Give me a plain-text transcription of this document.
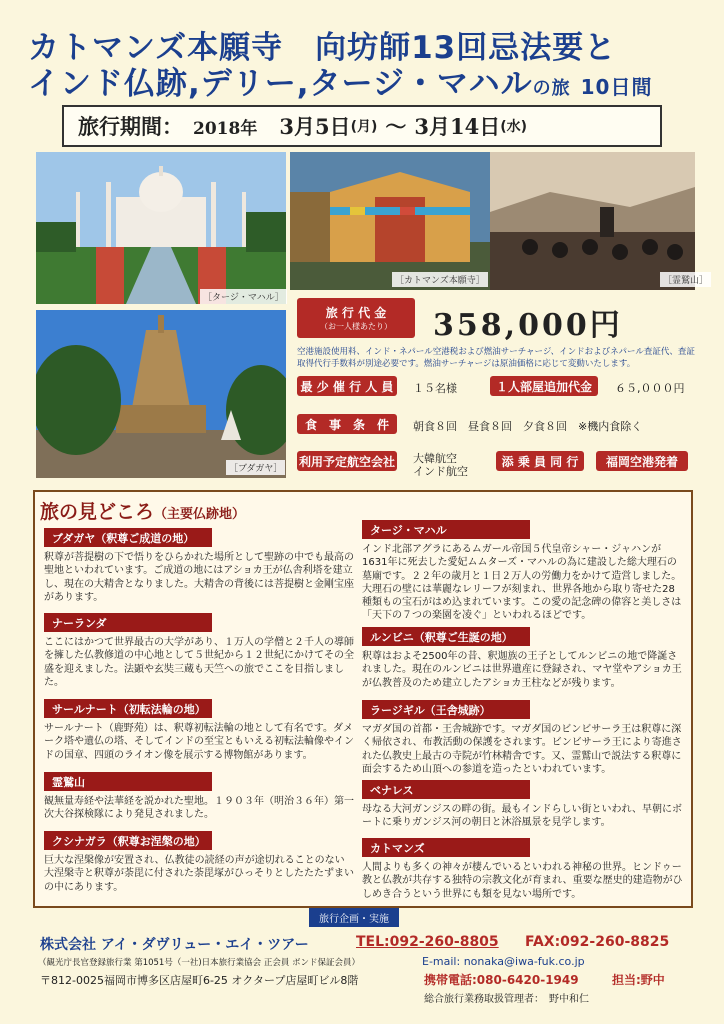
カトマンズ本願寺　向坊師13回忌法要と
インド仏跡,デリー,タージ・マハルの旅 10日間
旅行期間： 2018年 3月5日 (月) 〜 3月14日 (水)
［タージ・マハル］
［カトマンズ本願寺］	［霊鷲山］
［ブダガヤ］
旅 行 代 金
（お一人様あたり） 358,000円
空港施設使用料、インド・ネパール空港税および燃油サーチャージ、インドおよびネパール査証代、査証取得代行手数料が別途必要です。燃油サーチャージは原油価格に応じて変動いたします。
最 少 催 行 人 員	１５名様	１人部屋追加代金	６５,０００円
食　事　条　件	朝食８回　昼食８回　夕食８回　※機内食除く
利用予定航空会社 大韓航空
インド航空
添 乗 員 同 行	福岡空港発着
旅の見どころ（主要仏跡地）
ブダガヤ（釈尊ご成道の地）
釈尊が菩提樹の下で悟りをひらかれた場所として聖跡の中でも最高の聖地といわれています。ご成道の地にはアショカ王が仏舎利塔を建立し、現在の大精舎となりました。大精舎の背後には菩提樹と金剛宝座があります。
ナーランダ
ここにはかつて世界最古の大学があり、１万人の学僧と２千人の導師を擁した仏教修道の中心地として５世紀から１２世紀にかけてその全盛を迎えました。法顕や玄奘三蔵も天竺への旅でここを目指しました。
サールナート（初転法輪の地）
サールナート（鹿野苑）は、釈尊初転法輪の地として有名です。ダメーク塔や遺仏の塔、そしてインドの至宝ともいえる初転法輪像やインドの国章、四頭のライオン像を展示する博物館があります。
霊鷲山
観無量寿経や法華経を説かれた聖地。１９０３年（明治３６年）第一次大谷探検隊により発見されました。
クシナガラ（釈尊お涅槃の地）
巨大な涅槃像が安置され、仏教徒の読経の声が途切れることのない大涅槃寺と釈尊が荼毘に付された荼毘塚がひっそりとしたたたずまいの中にあります。
タージ・マハル
インド北部アグラにあるムガール帝国５代皇帝シャー・ジャハンが1631年に死去した愛妃ムムターズ・マハルの為に建設した総大理石の墓廟です。２２年の歳月と１日２万人の労働力をかけて造営しました。大理石の壁には華麗なレリーフが刻まれ、世界各地から取り寄せた28種類もの宝石がはめ込まれています。この愛の記念碑の偉容と美しさは「天下の７つの楽園を凌ぐ」といわれるほどです。
ルンビニ（釈尊ご生誕の地）
釈尊はおよそ2500年の昔、釈迦族の王子としてルンビニの地で降誕されました。現在のルンビニは世界遺産に登録され、マヤ堂やアショカ王が仏教普及のため建立したアショカ王柱などが残ります。
ラージギル（王舎城跡）
マガダ国の首都・王舎城跡です。マガダ国のビンビサーラ王は釈尊に深く帰依され、布教活動の保護をされます。ビンビサーラ王により寄進された仏教史上最古の寺院が竹林精舎です。又、霊鷲山で説法する釈尊に面会するため山頂への参道を造ったといわれています。
ベナレス
母なる大河ガンジスの畔の街。最もインドらしい街といわれ、早朝にボートに乗りガンジス河の朝日と沐浴風景を見学します。
カトマンズ
人間よりも多くの神々が棲んでいるといわれる神秘の世界。ヒンドゥー教と仏教が共存する独特の宗教文化が育まれ、重要な歴史的建造物がひしめき合うという世界にも類を見ない場所です。
旅行企画・実施
株式会社 アイ・ダヴリュー・エイ・ツアー	TEL:092-260-8805 FAX:092-260-8825
（観光庁長官登録旅行業 第1051号（一社)日本旅行業協会 正会員 ボンド保証会員）	E-mail: nonaka@iwa-fuk.co.jp
〒812-0025福岡市博多区店屋町6-25 オクタープ店屋町ビル8階	携帯電話:080-6420-1949	担当:野中
総合旅行業務取扱管理者：　野中和仁
